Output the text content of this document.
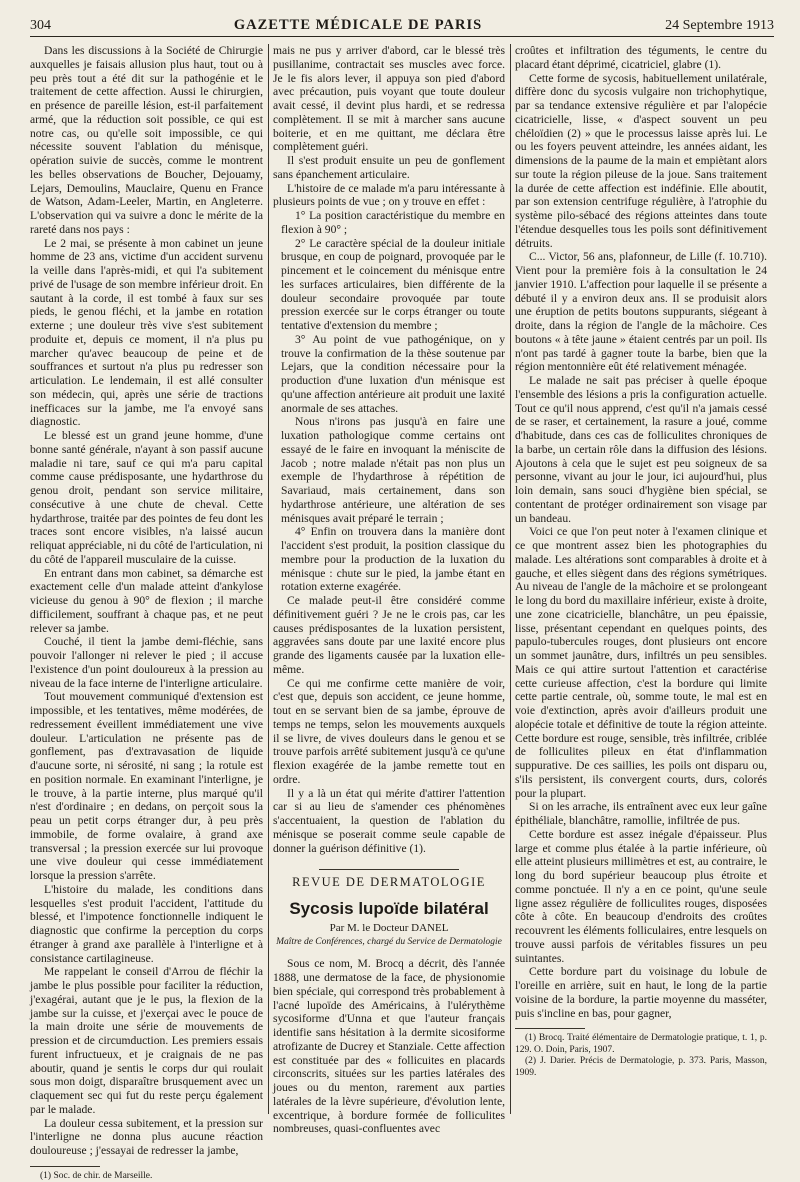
304	GAZETTE MÉDICALE DE PARIS	24 Septembre 1913

Dans les discussions à la Société de Chirurgie auxquelles je faisais allusion plus haut, tout ou à peu près tout a été dit sur la pathogénie et le traitement de cette affection. Aussi le chirurgien, en présence de pareille lésion, est-il parfaitement armé, que la réduction soit possible, ce qui est notre cas, ou qu'elle soit impossible, ce qui nécessite souvent l'ablation du ménisque, opération suivie de succès, comme le montrent les belles observations de Boucher, Dejouamy, Lejars, Demoulins, Mauclaire, Quenu en France de Watson, Adam-Leeler, Martin, en Angleterre. L'observation qui va suivre a donc le mérite de la rareté dans nos pays :

Le 2 mai, se présente à mon cabinet un jeune homme de 23 ans, victime d'un accident survenu la veille dans l'après-midi, et qui l'a subitement privé de l'usage de son membre inférieur droit. En sautant à la corde, il est tombé à faux sur ses pieds, le genou fléchi, et la jambe en rotation externe ; une douleur très vive s'est subitement produite et, depuis ce moment, il n'a plus pu marcher qu'avec beaucoup de peine et de souffrances et surtout n'a plus pu redresser son articulation. Le lendemain, il est allé consulter son médecin, qui, après une série de tractions inefficaces sur la jambe, me l'a envoyé sans diagnostic.

Le blessé est un grand jeune homme, d'une bonne santé générale, n'ayant à son passif aucune maladie ni tare, sauf ce qui m'a paru capital comme cause prédisposante, une hydarthrose du genou droit, pendant son service militaire, consécutive à une chute de cheval. Cette hydarthrose, traitée par des pointes de feu dont les traces sont encore visibles, n'a laissé aucun reliquat appréciable, ni du côté de l'articulation, ni du côté de l'appareil musculaire de la cuisse.

En entrant dans mon cabinet, sa démarche est exactement celle d'un malade atteint d'ankylose vicieuse du genou à 90° de flexion ; il marche difficilement, souffrant à chaque pas, et ne peut relever sa jambe.

Couché, il tient la jambe demi-fléchie, sans pouvoir l'allonger ni relever le pied ; il accuse l'existence d'un point douloureux à la pression au niveau de la face interne de l'interligne articulaire.

Tout mouvement communiqué d'extension est impossible, et les tentatives, même modérées, de redressement éveillent immédiatement une vive douleur. L'articulation ne présente pas de gonflement, pas d'extravasation de liquide d'aucune sorte, ni sérosité, ni sang ; la rotule est en position normale. En examinant l'interligne, je le trouve, à la partie interne, plus marqué qu'il n'est d'ordinaire ; en dedans, on perçoit sous la peau un petit corps étranger dur, à peu près immobile, de forme ovalaire, à grand axe transversal ; la pression exercée sur lui provoque une vive douleur qui cesse immédiatement lorsque la pression s'arrête.

L'histoire du malade, les conditions dans lesquelles s'est produit l'accident, l'attitude du blessé, et l'impotence fonctionnelle indiquent le diagnostic que confirme la perception du corps étranger à grand axe parallèle à l'interligne et à consistance cartilagineuse.

Me rappelant le conseil d'Arrou de fléchir la jambe le plus possible pour faciliter la réduction, j'exagérai, autant que je le pus, la flexion de la jambe sur la cuisse, et j'exerçai avec le pouce de la main droite une série de mouvements de pression et de circumduction. Les premiers essais furent infructueux, et je craignais de ne pas aboutir, quand je sentis le corps dur qui roulait sous mon doigt, disparaître brusquement avec un claquement sec qui fut du reste perçu également par le malade.

La douleur cessa subitement, et la pression sur l'interligne ne donna plus aucune réaction douloureuse ; j'essayai de redresser la jambe,

(1) Soc. de chir. de Marseille.

mais ne pus y arriver d'abord, car le blessé très pusillanime, contractait ses muscles avec force. Je le fis alors lever, il appuya son pied d'abord avec précaution, puis voyant que toute douleur avait cessé, il devint plus hardi, et se redressa complètement. Il se mit à marcher sans aucune boiterie, et en me quittant, me déclara être complètement guéri.

Il s'est produit ensuite un peu de gonflement sans épanchement articulaire.

L'histoire de ce malade m'a paru intéressante à plusieurs points de vue ; on y trouve en effet :

1° La position caractéristique du membre en flexion à 90° ;

2° Le caractère spécial de la douleur initiale brusque, en coup de poignard, provoquée par le pincement et le coincement du ménisque entre les surfaces articulaires, bien différente de la douleur secondaire provoquée par toute pression exercée sur le corps étranger ou toute tentative d'extension du membre ;

3° Au point de vue pathogénique, on y trouve la confirmation de la thèse soutenue par Lejars, que la condition nécessaire pour la production d'une luxation d'un ménisque est qu'une affection antérieure ait produit une laxité anormale de ses attaches.

Nous n'irons pas jusqu'à en faire une luxation pathologique comme certains ont essayé de le faire en invoquant la méniscite de Jacob ; notre malade n'était pas non plus un exemple de l'hydarthrose à répétition de Savariaud, mais certainement, dans son hydarthrose antérieure, une altération de ses ménisques avait préparé le terrain ;

4° Enfin on trouvera dans la manière dont l'accident s'est produit, la position classique du membre pour la production de la luxation du ménisque : chute sur le pied, la jambe étant en rotation externe exagérée.

Ce malade peut-il être considéré comme définitivement guéri ? Je ne le crois pas, car les causes prédisposantes de la luxation persistent, aggravées sans doute par une laxité encore plus grande des ligaments causée par la luxation elle-même.

Ce qui me confirme cette manière de voir, c'est que, depuis son accident, ce jeune homme, tout en se servant bien de sa jambe, éprouve de temps ne temps, selon les mouvements auxquels il se livre, de vives douleurs dans le genou et se trouve parfois arrêté subitement jusqu'à ce qu'une flexion exagérée de la jambe remette tout en ordre.

Il y a là un état qui mérite d'attirer l'attention car si au lieu de s'amender ces phénomènes s'accentuaient, la question de l'ablation du ménisque se poserait comme seule capable de donner la guérison définitive (1).

REVUE DE DERMATOLOGIE

Sycosis lupoïde bilatéral

Par M. le Docteur DANEL

Maître de Conférences, chargé du Service de Dermatologie

Sous ce nom, M. Brocq a décrit, dès l'année 1888, une dermatose de la face, de physionomie bien spéciale, qui correspond très probablement à l'acné lupoïde des Américains, à l'ulérythème sycosiforme d'Unna et que l'auteur français identifie sans hésitation à la dermite sicosiforme atrofizante de Ducrey et Stanziale. Cette affection est constituée par des « follicuites en placards circonscrits, situées sur les parties latérales des joues ou du menton, rarement aux parties latérales de la lèvre supérieure, d'évolution lente, excentrique, à bordure formée de folliculites nombreuses, quasi-confluentes avec

croûtes et infiltration des téguments, le centre du placard étant déprimé, cicatriciel, glabre (1).

Cette forme de sycosis, habituellement unilatérale, diffère donc du sycosis vulgaire non trichophytique, par sa tendance extensive régulière et par l'alopécie cicatricielle, lisse, « d'aspect souvent un peu chéloïdien (2) » que le processus laisse après lui. Le ou les foyers peuvent atteindre, les années aidant, les dimensions de la paume de la main et empiètant alors sur toute la région pileuse de la joue. Sans traitement la durée de cette affection est indéfinie. Elle aboutit, par son extension centrifuge régulière, à l'atrophie du système pilo-sébacé des régions atteintes dans toute l'étendue desquelles tous les poils sont définitivement détruits.

C... Victor, 56 ans, plafonneur, de Lille (f. 10.710). Vient pour la première fois à la consultation le 24 janvier 1910. L'affection pour laquelle il se présente a débuté il y a environ deux ans. Il se produisit alors une éruption de petits boutons suppurants, siégeant à droite, dans la région de l'angle de la mâchoire. Ces boutons « à tête jaune » étaient centrés par un poil. Ils n'ont pas tardé à gagner toute la barbe, bien que la région mentonnière eût été relativement ménagée.

Le malade ne sait pas préciser à quelle époque l'ensemble des lésions a pris la configuration actuelle. Tout ce qu'il nous apprend, c'est qu'il n'a jamais cessé de se raser, et certainement, la rasure a joué, comme d'habitude, dans ces cas de folliculites chroniques de la barbe, un certain rôle dans la diffusion des lésions. Ajoutons à cela que le sujet est peu soigneux de sa personne, vivant au jour le jour, ici aujourd'hui, plus loin demain, sans souci d'hygiène bien spécial, se contentant de protéger ordinairement son visage par un bandeau.

Voici ce que l'on peut noter à l'examen clinique et ce que montrent assez bien les photographies du malade. Les altérations sont comparables à droite et à gauche, et elles siègent dans des régions symétriques. Au niveau de l'angle de la mâchoire et se prolongeant le long du bord du maxillaire inférieur, existe à droite, une zone cicatricielle, blanchâtre, un peu épaissie, lisse, présentant cependant en quelques points, des papulo-tubercules rouges, dont plusieurs ont encore un sommet jaunâtre, durs, infiltrés un peu sensibles. Mais ce qui attire surtout l'attention et caractérise cette curieuse affection, c'est la bordure qui limite cette partie centrale, où, somme toute, le mal est en voie d'extinction, après avoir d'ailleurs produit une alopécie totale et définitive de toute la région atteinte. Cette bordure est rouge, sensible, très infiltrée, criblée de folliculites pileux en état d'inflammation suppurative. De ces saillies, les poils ont disparu ou, s'ils persistent, ils convergent courts, durs, colorés pour la plupart.

Si on les arrache, ils entraînent avec eux leur gaîne épithéliale, blanchâtre, ramollie, infiltrée de pus.

Cette bordure est assez inégale d'épaisseur. Plus large et comme plus étalée à la partie inférieure, où elle atteint plusieurs millimètres et est, au contraire, le long du bord supérieur beaucoup plus étroite et comme ponctuée. Il n'y a en ce point, qu'une seule ligne assez régulière de folliculites rouges, disposées côte à côte. En beaucoup d'endroits des croûtes recouvrent les éléments folliculaires, entre lesquels on trouve aussi parfois de véritables fissures un peu suintantes.

Cette bordure part du voisinage du lobule de l'oreille en arrière, suit en haut, le long de la partie voisine de la bordure, la partie moyenne du masséter, puis s'incline en bas, pour gagner,

(1) Brocq. Traité élémentaire de Dermatologie pratique, t. 1, p. 129. O. Doin, Paris, 1907.

(2) J. Darier. Précis de Dermatologie, p. 373. Paris, Masson, 1909.
